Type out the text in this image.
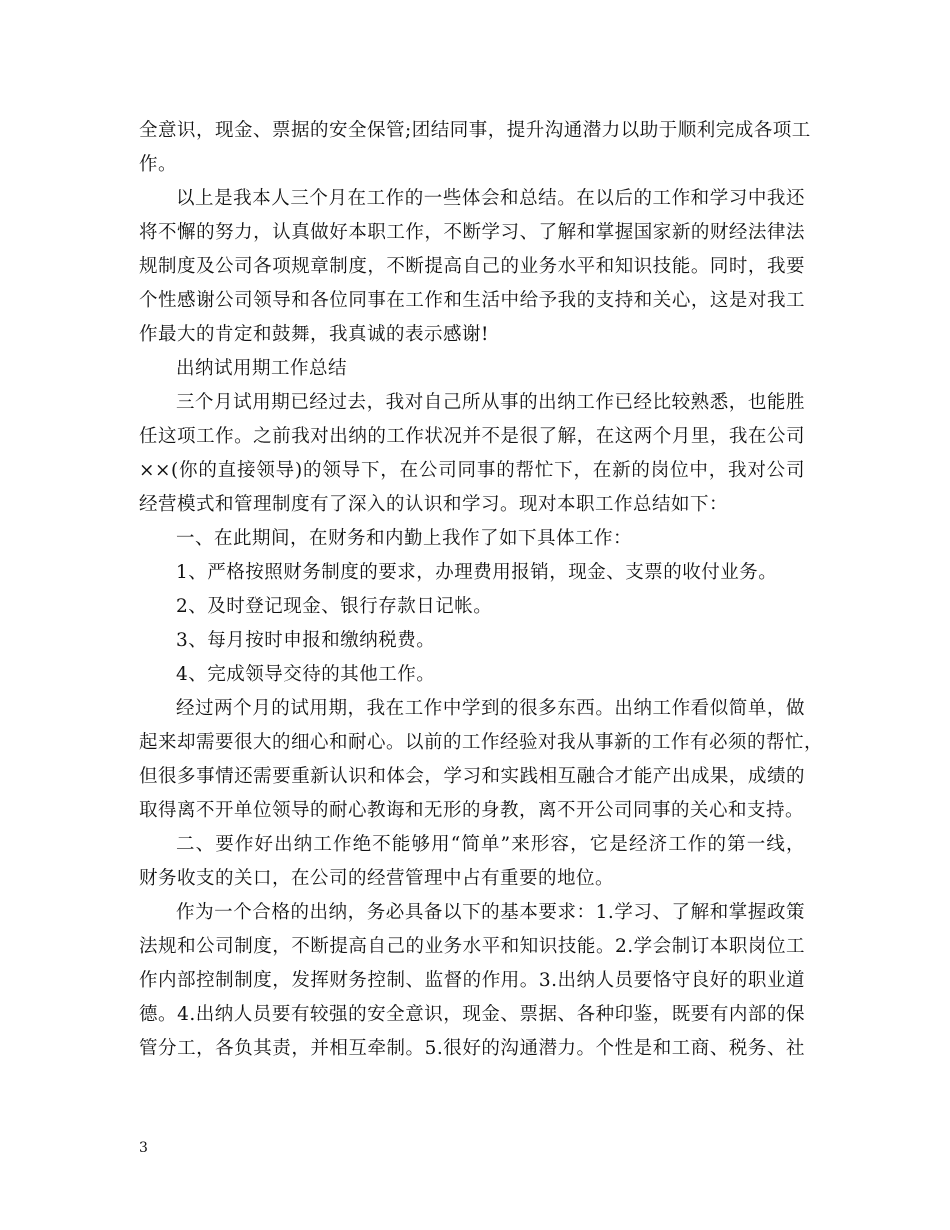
全意识，现金、票据的安全保管;团结同事，提升沟通潜力以助于顺利完成各项工
作。
以上是我本人三个月在工作的一些体会和总结。在以后的工作和学习中我还
将不懈的努力，认真做好本职工作，不断学习、了解和掌握国家新的财经法律法
规制度及公司各项规章制度，不断提高自己的业务水平和知识技能。同时，我要
个性感谢公司领导和各位同事在工作和生活中给予我的支持和关心，这是对我工
作最大的肯定和鼓舞，我真诚的表示感谢!
出纳试用期工作总结
三个月试用期已经过去，我对自己所从事的出纳工作已经比较熟悉，也能胜
任这项工作。之前我对出纳的工作状况并不是很了解，在这两个月里，我在公司
××(你的直接领导)的领导下，在公司同事的帮忙下，在新的岗位中，我对公司
经营模式和管理制度有了深入的认识和学习。现对本职工作总结如下：
一、在此期间，在财务和内勤上我作了如下具体工作：
1、严格按照财务制度的要求，办理费用报销，现金、支票的收付业务。
2、及时登记现金、银行存款日记帐。
3、每月按时申报和缴纳税费。
4、完成领导交待的其他工作。
经过两个月的试用期，我在工作中学到的很多东西。出纳工作看似简单，做
起来却需要很大的细心和耐心。以前的工作经验对我从事新的工作有必须的帮忙，
但很多事情还需要重新认识和体会，学习和实践相互融合才能产出成果，成绩的
取得离不开单位领导的耐心教诲和无形的身教，离不开公司同事的关心和支持。
二、要作好出纳工作绝不能够用“简单”来形容，它是经济工作的第一线，
财务收支的关口，在公司的经营管理中占有重要的地位。
作为一个合格的出纳，务必具备以下的基本要求：1.学习、了解和掌握政策
法规和公司制度，不断提高自己的业务水平和知识技能。2.学会制订本职岗位工
作内部控制制度，发挥财务控制、监督的作用。3.出纳人员要恪守良好的职业道
德。4.出纳人员要有较强的安全意识，现金、票据、各种印鉴，既要有内部的保
管分工，各负其责，并相互牵制。5.很好的沟通潜力。个性是和工商、税务、社
3
